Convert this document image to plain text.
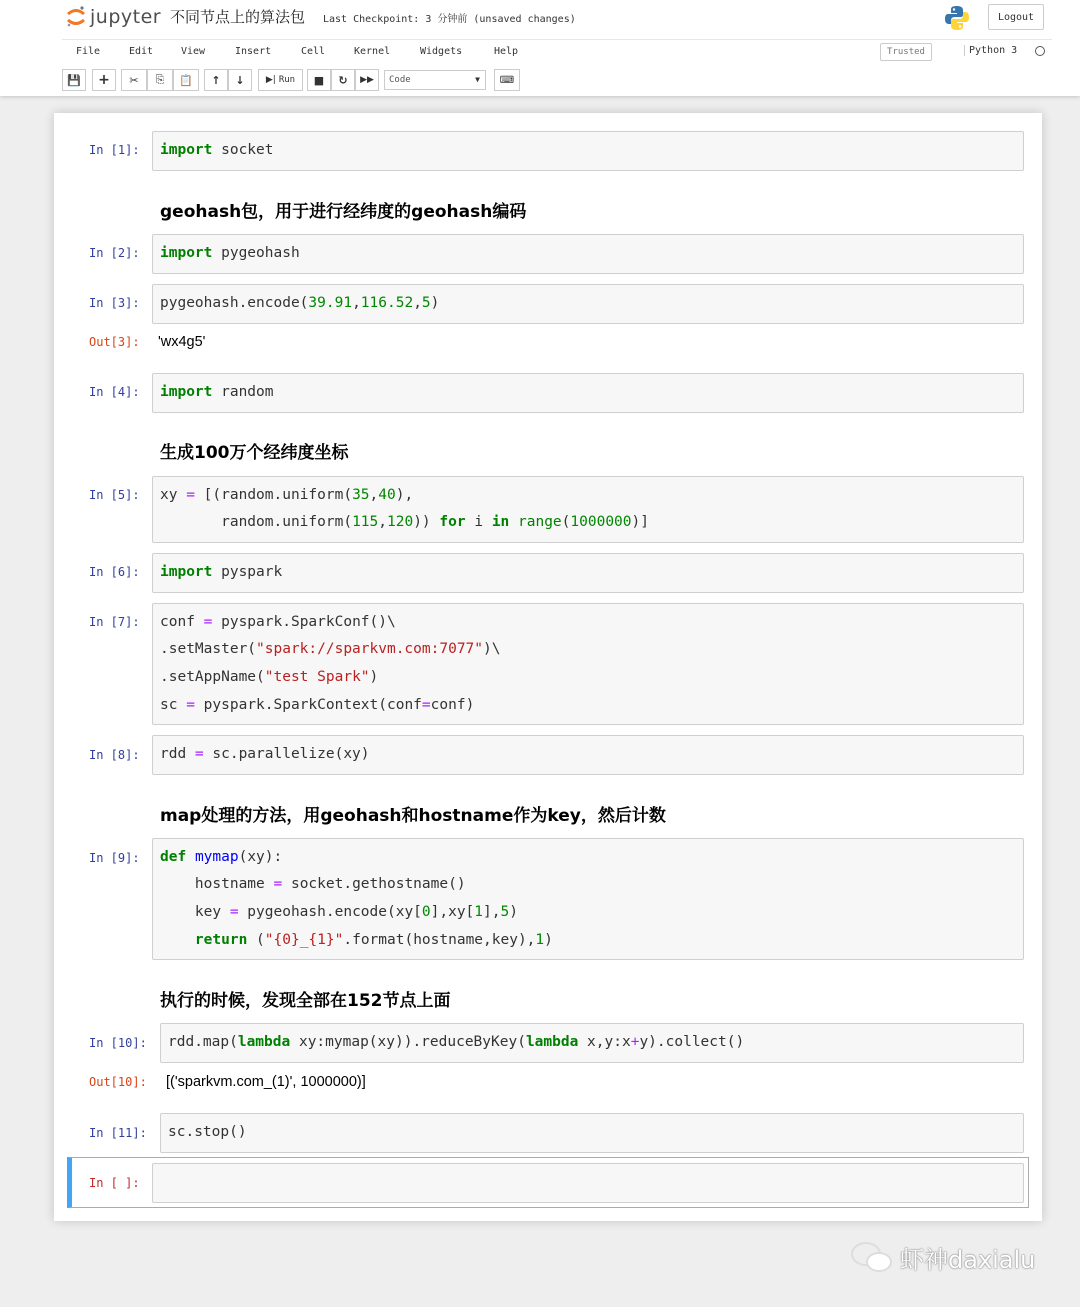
jupyter 不同节点上的算法包 Last Checkpoint: 3 分钟前 (unsaved changes)	Logout
File	Edit	View	Insert	Cell	Kernel	Widgets	Help	Trusted	Python 3
💾 + ✂ ⎘ 📋 ↑ ↓ ▶| Run ■ ↻ ▶▶	Code	▼ ⌨
In [1]: import socket
geohash包，用于进行经纬度的geohash编码
In [2]: import pygeohash
In [3]: pygeohash.encode(39.91,116.52,5)
Out[3]: 'wx4g5'
In [4]: import random
生成100万个经纬度坐标
In [5]: xy = [(random.uniform(35,40),
random.uniform(115,120)) for i in range(1000000)]
In [6]: import pyspark
In [7]: conf = pyspark.SparkConf()\
.setMaster("spark://sparkvm.com:7077")\
.setAppName("test Spark")
sc = pyspark.SparkContext(conf=conf)
In [8]: rdd = sc.parallelize(xy)
map处理的方法，用geohash和hostname作为key，然后计数
In [9]: def mymap(xy):
hostname = socket.gethostname()
key = pygeohash.encode(xy[0],xy[1],5)
return ("{0}_{1}".format(hostname,key),1)
执行的时候，发现全部在152节点上面
In [10]: rdd.map(lambda xy:mymap(xy)).reduceByKey(lambda x,y:x+y).collect()
Out[10]: [('sparkvm.com_(1)', 1000000)]
In [11]: sc.stop()
In [ ]:
虾神daxialu
